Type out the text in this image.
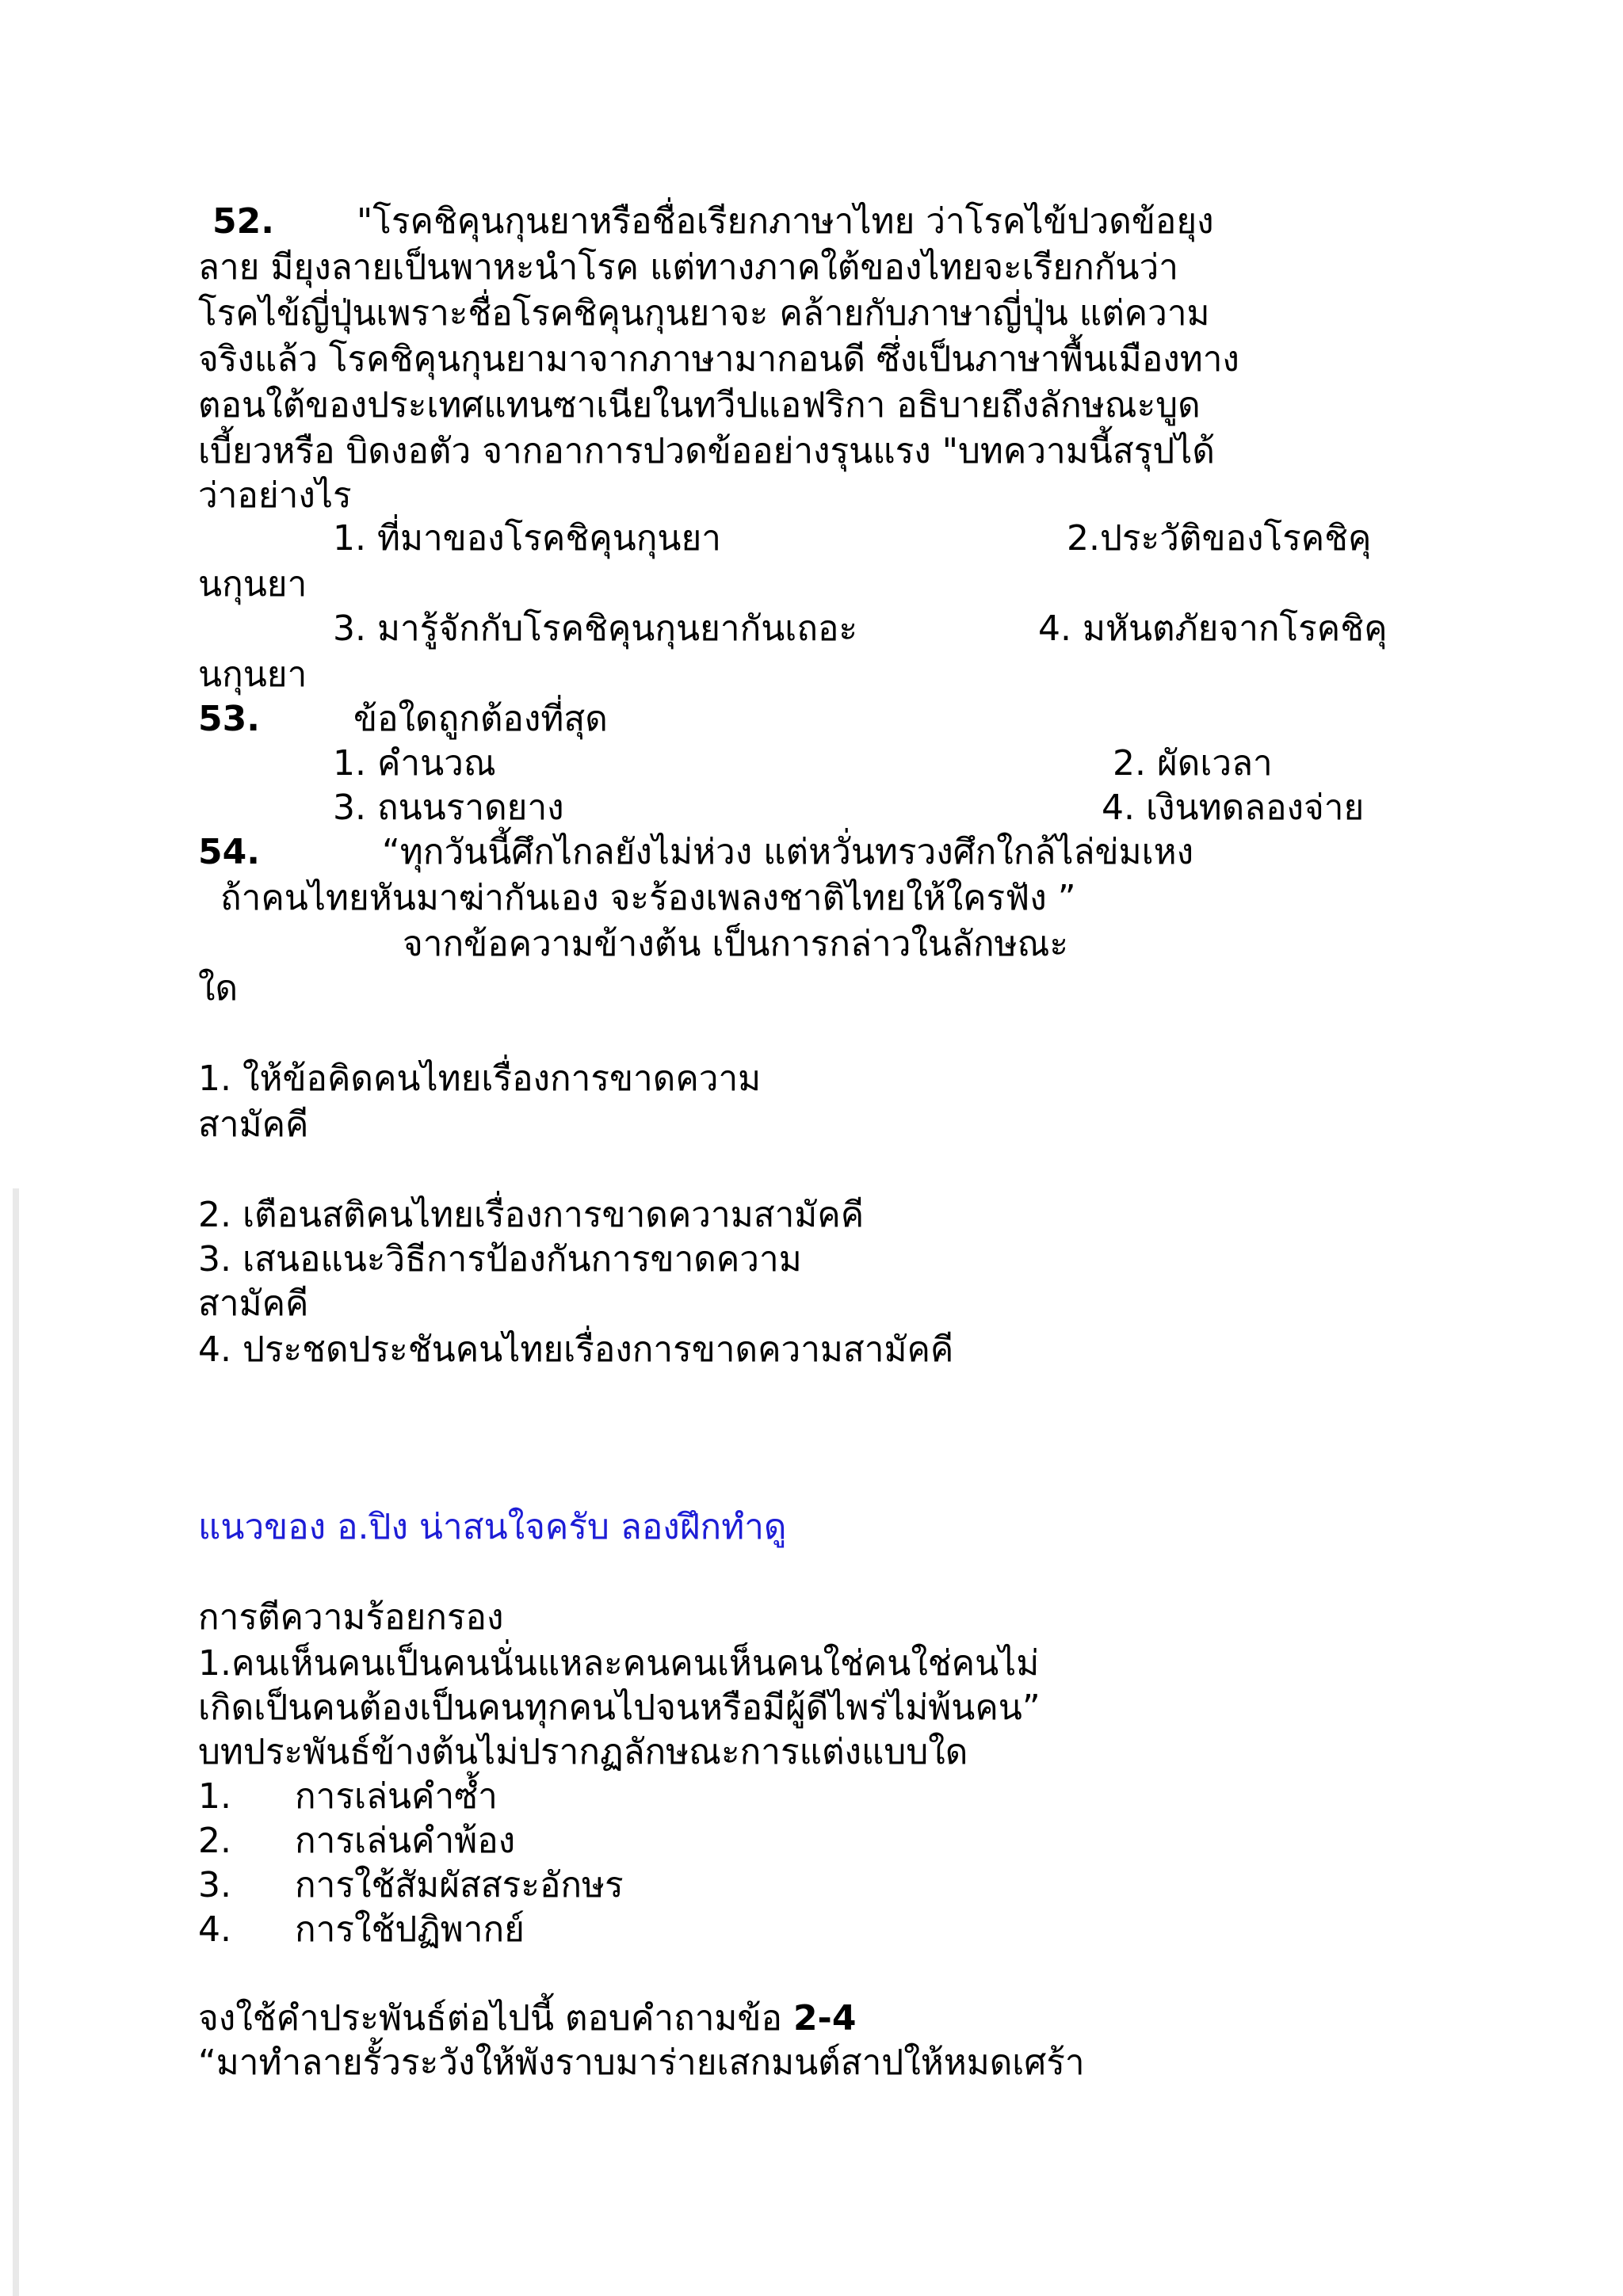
52. "โรคชิคุนกุนยาหรือชื่อเรียกภาษาไทย ว่าโรคไข้ปวดข้อยุง
ลาย มียุงลายเป็นพาหะนำโรค แต่ทางภาคใต้ของไทยจะเรียกกันว่า
โรคไข้ญี่ปุ่นเพราะชื่อโรคชิคุนกุนยาจะ คล้ายกับภาษาญี่ปุ่น แต่ความ
จริงแล้ว โรคชิคุนกุนยามาจากภาษามากอนดี ซึ่งเป็นภาษาพื้นเมืองทาง
ตอนใต้ของประเทศแทนซาเนียในทวีปแอฟริกา อธิบายถึงลักษณะบูด
เบี้ยวหรือ บิดงอตัว จากอาการปวดข้ออย่างรุนแรง "บทความนี้สรุปได้
ว่าอย่างไร
1. ที่มาของโรคชิคุนกุนยา	2.ประวัติของโรคชิคุ
นกุนยา
3. มารู้จักกับโรคชิคุนกุนยากันเถอะ	4. มหันตภัยจากโรคชิคุ
นกุนยา
53.	ข้อใดถูกต้องที่สุด
1. คำนวณ	2. ผัดเวลา
3. ถนนราดยาง	4. เงินทดลองจ่าย
54.	“ทุกวันนี้ศึกไกลยังไม่ห่วง แต่หวั่นทรวงศึกใกล้ไล่ข่มเหง
ถ้าคนไทยหันมาฆ่ากันเอง จะร้องเพลงชาติไทยให้ใครฟัง ”
จากข้อความข้างต้น เป็นการกล่าวในลักษณะ
ใด
1. ให้ข้อคิดคนไทยเรื่องการขาดความ
สามัคคี
2. เตือนสติคนไทยเรื่องการขาดความสามัคคี
3. เสนอแนะวิธีการป้องกันการขาดความ
สามัคคี
4. ประชดประชันคนไทยเรื่องการขาดความสามัคคี
แนวของ อ.ปิง น่าสนใจครับ ลองฝึกทำดู
การตีความร้อยกรอง
1.คนเห็นคนเป็นคนนั่นแหละคนคนเห็นคนใช่คนใช่คนไม่
เกิดเป็นคนต้องเป็นคนทุกคนไปจนหรือมีผู้ดีไพร่ไม่พ้นคน”
บทประพันธ์ข้างต้นไม่ปรากฏลักษณะการแต่งแบบใด
1. การเล่นคำซ้ำ
2. การเล่นคำพ้อง
3. การใช้สัมผัสสระอักษร
4. การใช้ปฏิพากย์
จงใช้คำประพันธ์ต่อไปนี้ ตอบคำถามข้อ 2-4
“มาทำลายรั้วระวังให้พังราบมาร่ายเสกมนต์สาปให้หมดเศร้า
